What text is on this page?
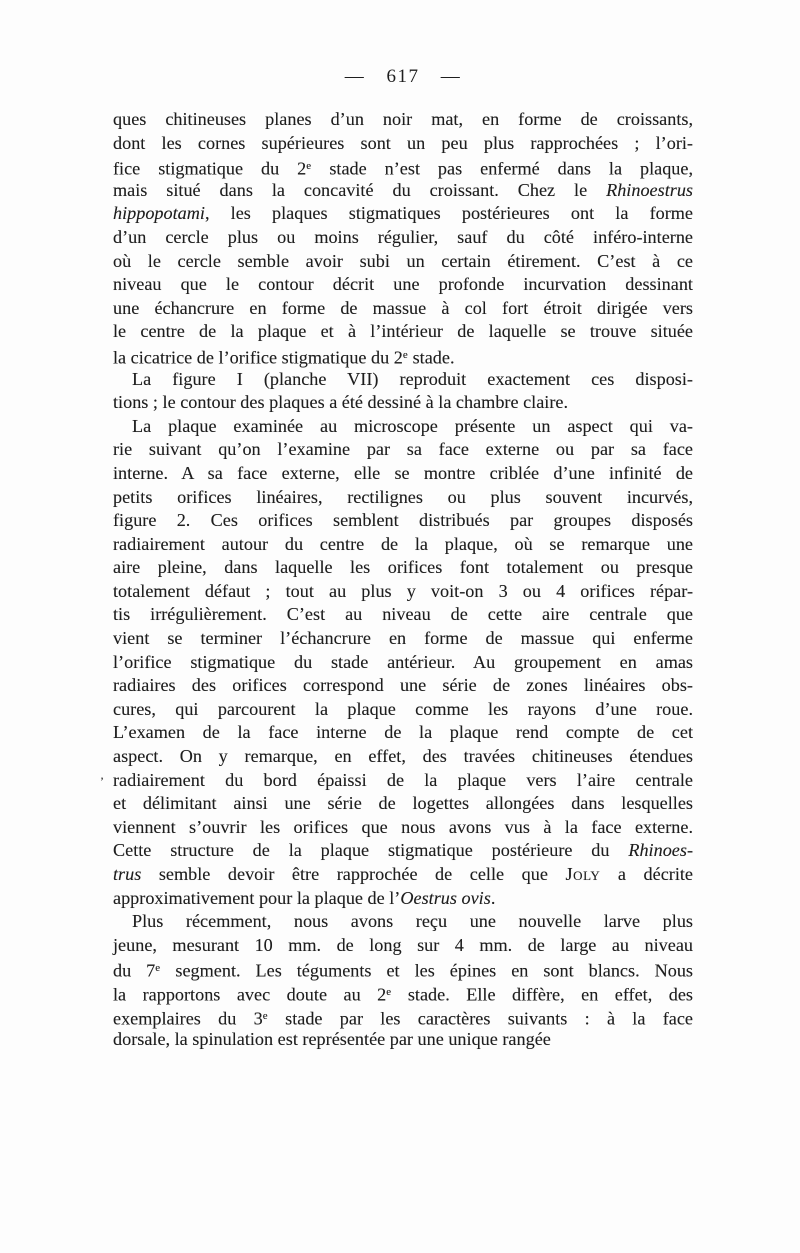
— 617 —
ques chitineuses planes d’un noir mat, en forme de croissants,
dont les cornes supérieures sont un peu plus rapprochées ; l’ori-
fice stigmatique du 2e stade n’est pas enfermé dans la plaque,
mais situé dans la concavité du croissant. Chez le Rhinoestrus
hippopotami, les plaques stigmatiques postérieures ont la forme
d’un cercle plus ou moins régulier, sauf du côté inféro-interne
où le cercle semble avoir subi un certain étirement. C’est à ce
niveau que le contour décrit une profonde incurvation dessinant
une échancrure en forme de massue à col fort étroit dirigée vers
le centre de la plaque et à l’intérieur de laquelle se trouve située
la cicatrice de l’orifice stigmatique du 2e stade.
La figure I (planche VII) reproduit exactement ces disposi-
tions ; le contour des plaques a été dessiné à la chambre claire.
La plaque examinée au microscope présente un aspect qui va-
rie suivant qu’on l’examine par sa face externe ou par sa face
interne. A sa face externe, elle se montre criblée d’une infinité de
petits orifices linéaires, rectilignes ou plus souvent incurvés,
figure 2. Ces orifices semblent distribués par groupes disposés
radiairement autour du centre de la plaque, où se remarque une
aire pleine, dans laquelle les orifices font totalement ou presque
totalement défaut ; tout au plus y voit-on 3 ou 4 orifices répar-
tis irrégulièrement. C’est au niveau de cette aire centrale que
vient se terminer l’échancrure en forme de massue qui enferme
l’orifice stigmatique du stade antérieur. Au groupement en amas
radiaires des orifices correspond une série de zones linéaires obs-
cures, qui parcourent la plaque comme les rayons d’une roue.
L’examen de la face interne de la plaque rend compte de cet
aspect. On y remarque, en effet, des travées chitineuses étendues
’ radiairement du bord épaissi de la plaque vers l’aire centrale
et délimitant ainsi une série de logettes allongées dans lesquelles
viennent s’ouvrir les orifices que nous avons vus à la face externe.
Cette structure de la plaque stigmatique postérieure du Rhinoes-
trus semble devoir être rapprochée de celle que Joly a décrite
approximativement pour la plaque de l’Oestrus ovis.
Plus récemment, nous avons reçu une nouvelle larve plus
jeune, mesurant 10 mm. de long sur 4 mm. de large au niveau
du 7e segment. Les téguments et les épines en sont blancs. Nous
la rapportons avec doute au 2e stade. Elle diffère, en effet, des
exemplaires du 3e stade par les caractères suivants : à la face
dorsale, la spinulation est représentée par une unique rangée
